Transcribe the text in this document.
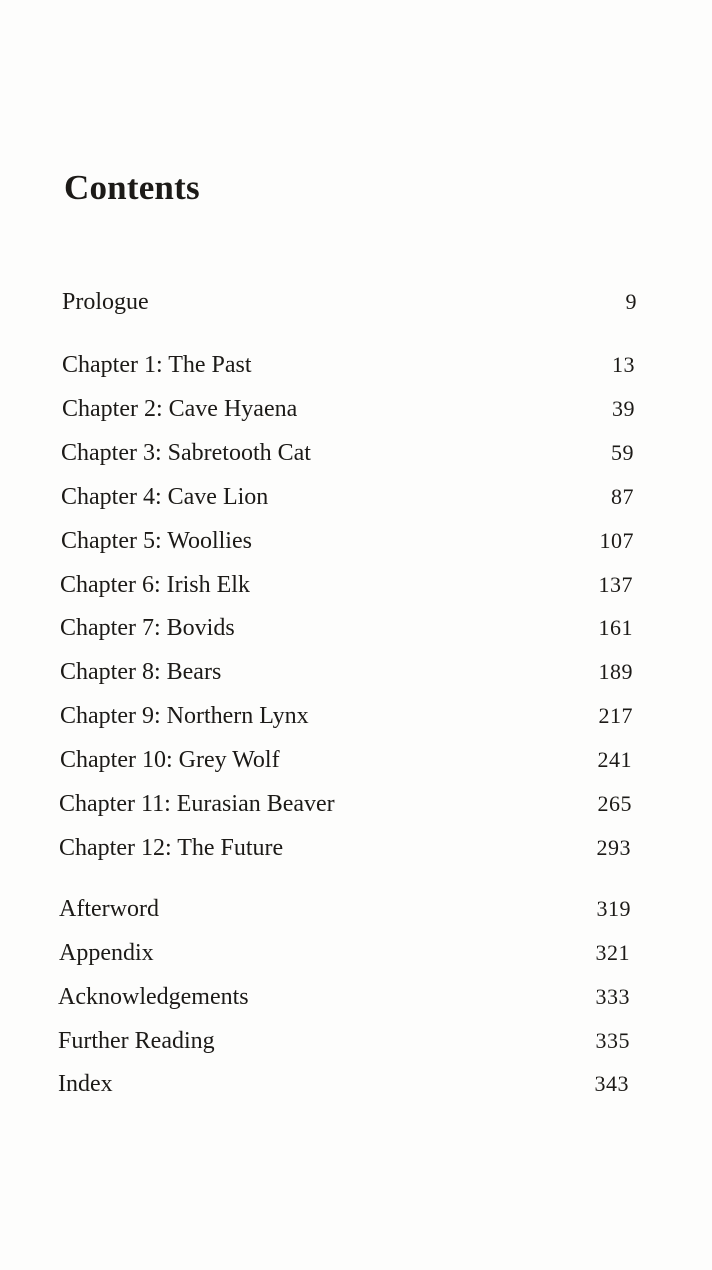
Contents
Prologue	9
Chapter 1: The Past	13
Chapter 2: Cave Hyaena	39
Chapter 3: Sabretooth Cat	59
Chapter 4: Cave Lion	87
Chapter 5: Woollies	107
Chapter 6: Irish Elk	137
Chapter 7: Bovids	161
Chapter 8: Bears	189
Chapter 9: Northern Lynx	217
Chapter 10: Grey Wolf	241
Chapter 11: Eurasian Beaver	265
Chapter 12: The Future	293
Afterword	319
Appendix	321
Acknowledgements	333
Further Reading	335
Index	343
